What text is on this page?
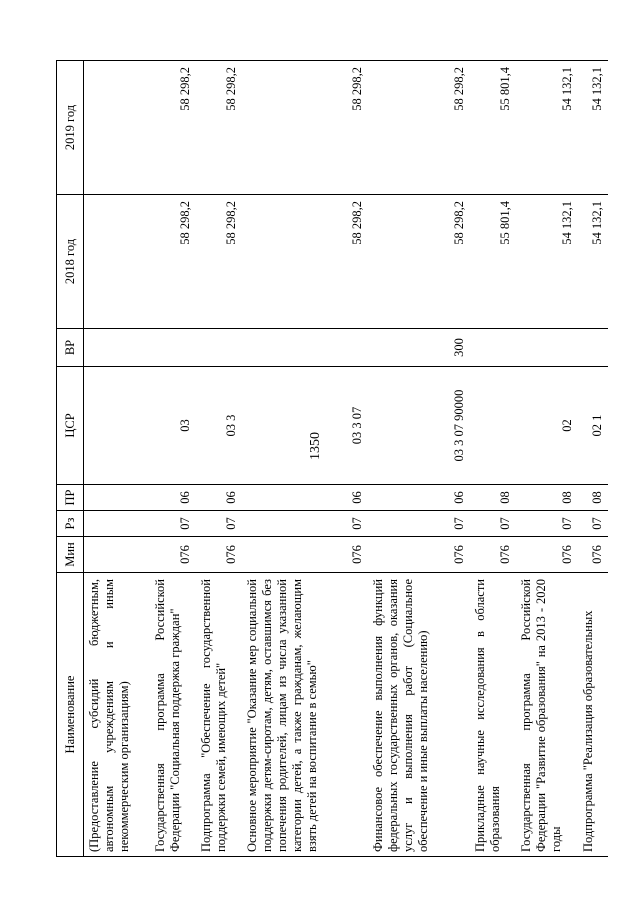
1350
Наименование	Мин	Рз	ПР	ЦСР	ВР	2018 год	2019 год
(Предоставление субсидий бюджетным, автономным учреждениям и иным некоммерческим организациям)							
Государственная программа Российской Федерации "Социальная поддержка граждан"	076	07	06	03		58 298,2	58 298,2
Подпрограмма "Обеспечение государственной поддержки семей, имеющих детей"	076	07	06	03 3		58 298,2	58 298,2
Основное мероприятие "Оказание мер социальной поддержки детям-сиротам, детям, оставшимся без попечения родителей, лицам из числа указанной категории детей, а также гражданам, желающим взять детей на воспитание в семью"	076	07	06	03 3 07		58 298,2	58 298,2
Финансовое обеспечение выполнения функций федеральных государственных органов, оказания услуг и выполнения работ (Социальное обеспечение и иные выплаты населению)	076	07	06	03 3 07 90000	300	58 298,2	58 298,2
Прикладные научные исследования в области образования	076	07	08			55 801,4	55 801,4
Государственная программа Российской Федерации "Развитие образования" на 2013 - 2020 годы	076	07	08	02		54 132,1	54 132,1
Подпрограмма "Реализация образовательных	076	07	08	02 1		54 132,1	54 132,1
